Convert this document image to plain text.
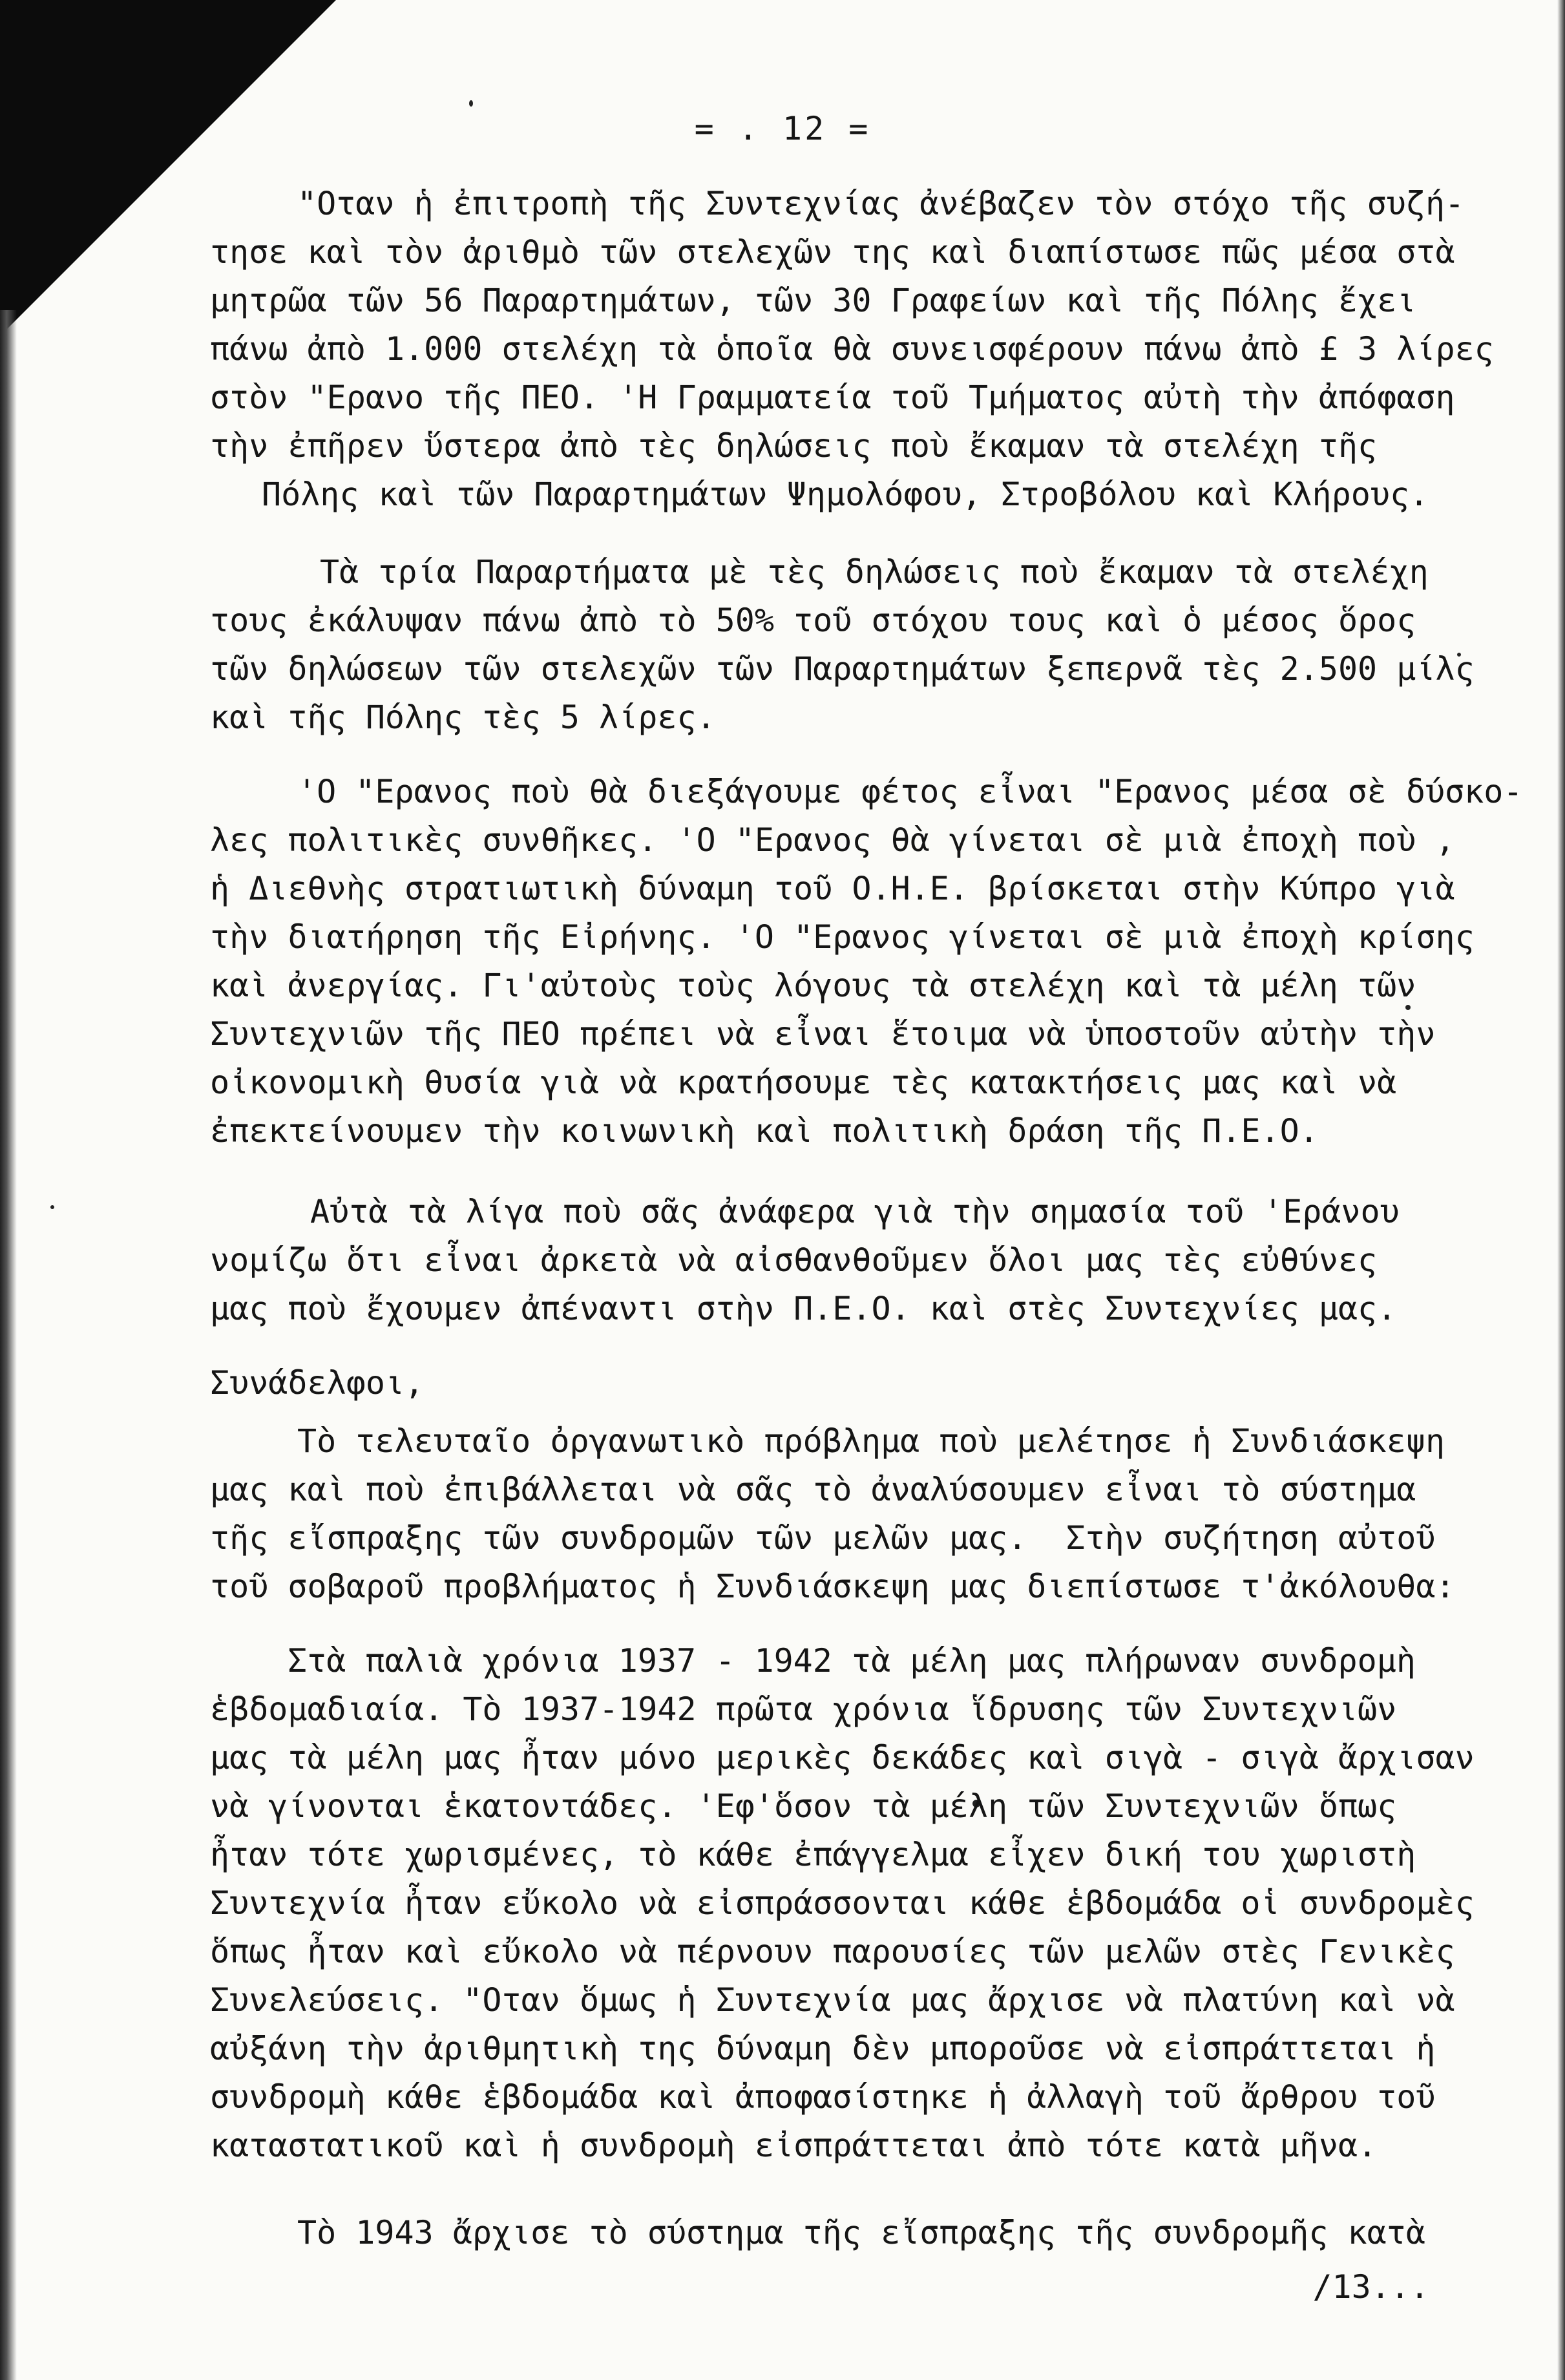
= . 12 =
"Οταν ἡ ἐπιτροπὴ τῆς Συντεχνίας ἀνέβαζεν τὸν στόχο τῆς συζή-
τησε καὶ τὸν ἀριθμὸ τῶν στελεχῶν της καὶ διαπίστωσε πῶς μέσα στὰ
μητρῶα τῶν 56 Παραρτημάτων, τῶν 30 Γραφείων καὶ τῆς Πόλης ἔχει
πάνω ἀπὸ 1.000 στελέχη τὰ ὁποῖα θὰ συνεισφέρουν πάνω ἀπὸ £ 3 λίρες
στὸν "Ερανο τῆς ΠΕΟ. 'Η Γραμματεία τοῦ Τμήματος αὐτὴ τὴν ἀπόφαση
τὴν ἐπῆρεν ὕστερα ἀπὸ τὲς δηλώσεις ποὺ ἔκαμαν τὰ στελέχη τῆς
Πόλης καὶ τῶν Παραρτημάτων Ψημολόφου, Στροβόλου καὶ Κλήρους.
Τὰ τρία Παραρτήματα μὲ τὲς δηλώσεις ποὺ ἔκαμαν τὰ στελέχη
τους ἐκάλυψαν πάνω ἀπὸ τὸ 50% τοῦ στόχου τους καὶ ὁ μέσος ὅρος
τῶν δηλώσεων τῶν στελεχῶν τῶν Παραρτημάτων ξεπερνᾶ τὲς 2.500 μίλς
καὶ τῆς Πόλης τὲς 5 λίρες.
'Ο "Ερανος ποὺ θὰ διεξάγουμε φέτος εἶναι "Ερανος μέσα σὲ δύσκο-
λες πολιτικὲς συνθῆκες. 'Ο "Ερανος θὰ γίνεται σὲ μιὰ ἐποχὴ ποὺ ,
ἡ Διεθνὴς στρατιωτικὴ δύναμη τοῦ Ο.Η.Ε. βρίσκεται στὴν Κύπρο γιὰ
τὴν διατήρηση τῆς Εἰρήνης. 'Ο "Ερανος γίνεται σὲ μιὰ ἐποχὴ κρίσης
καὶ ἀνεργίας. Γι'αὐτοὺς τοὺς λόγους τὰ στελέχη καὶ τὰ μέλη τῶν
Συντεχνιῶν τῆς ΠΕΟ πρέπει νὰ εἶναι ἕτοιμα νὰ ὑποστοῦν αὐτὴν τὴν
οἰκονομικὴ θυσία γιὰ νὰ κρατήσουμε τὲς κατακτήσεις μας καὶ νὰ
ἐπεκτείνουμεν τὴν κοινωνικὴ καὶ πολιτικὴ δράση τῆς Π.Ε.Ο.
Αὐτὰ τὰ λίγα ποὺ σᾶς ἀνάφερα γιὰ τὴν σημασία τοῦ 'Εράνου
νομίζω ὅτι εἶναι ἀρκετὰ νὰ αἰσθανθοῦμεν ὅλοι μας τὲς εὐθύνες
μας ποὺ ἔχουμεν ἀπέναντι στὴν Π.Ε.Ο. καὶ στὲς Συντεχνίες μας.
Συνάδελφοι,
Τὸ τελευταῖο ὀργανωτικὸ πρόβλημα ποὺ μελέτησε ἡ Συνδιάσκεψη
μας καὶ ποὺ ἐπιβάλλεται νὰ σᾶς τὸ ἀναλύσουμεν εἶναι τὸ σύστημα
τῆς εἴσπραξης τῶν συνδρομῶν τῶν μελῶν μας.  Στὴν συζήτηση αὐτοῦ
τοῦ σοβαροῦ προβλήματος ἡ Συνδιάσκεψη μας διεπίστωσε τ'ἀκόλουθα:
Στὰ παλιὰ χρόνια 1937 - 1942 τὰ μέλη μας πλήρωναν συνδρομὴ
ἑβδομαδιαία. Τὸ 1937-1942 πρῶτα χρόνια ἵδρυσης τῶν Συντεχνιῶν
μας τὰ μέλη μας ἦταν μόνο μερικὲς δεκάδες καὶ σιγὰ - σιγὰ ἄρχισαν
νὰ γίνονται ἑκατοντάδες. 'Εφ'ὅσον τὰ μέλη τῶν Συντεχνιῶν ὅπως
ἦταν τότε χωρισμένες, τὸ κάθε ἐπάγγελμα εἶχεν δική του χωριστὴ
Συντεχνία ἦταν εὔκολο νὰ εἰσπράσσονται κάθε ἑβδομάδα οἱ συνδρομὲς
ὅπως ἦταν καὶ εὔκολο νὰ πέρνουν παρουσίες τῶν μελῶν στὲς Γενικὲς
Συνελεύσεις. "Οταν ὅμως ἡ Συντεχνία μας ἄρχισε νὰ πλατύνη καὶ νὰ
αὐξάνη τὴν ἀριθμητικὴ της δύναμη δὲν μποροῦσε νὰ εἰσπράττεται ἡ
συνδρομὴ κάθε ἑβδομάδα καὶ ἀποφασίστηκε ἡ ἀλλαγὴ τοῦ ἄρθρου τοῦ
καταστατικοῦ καὶ ἡ συνδρομὴ εἰσπράττεται ἀπὸ τότε κατὰ μῆνα.
Τὸ 1943 ἄρχισε τὸ σύστημα τῆς εἴσπραξης τῆς συνδρομῆς κατὰ
/13...
